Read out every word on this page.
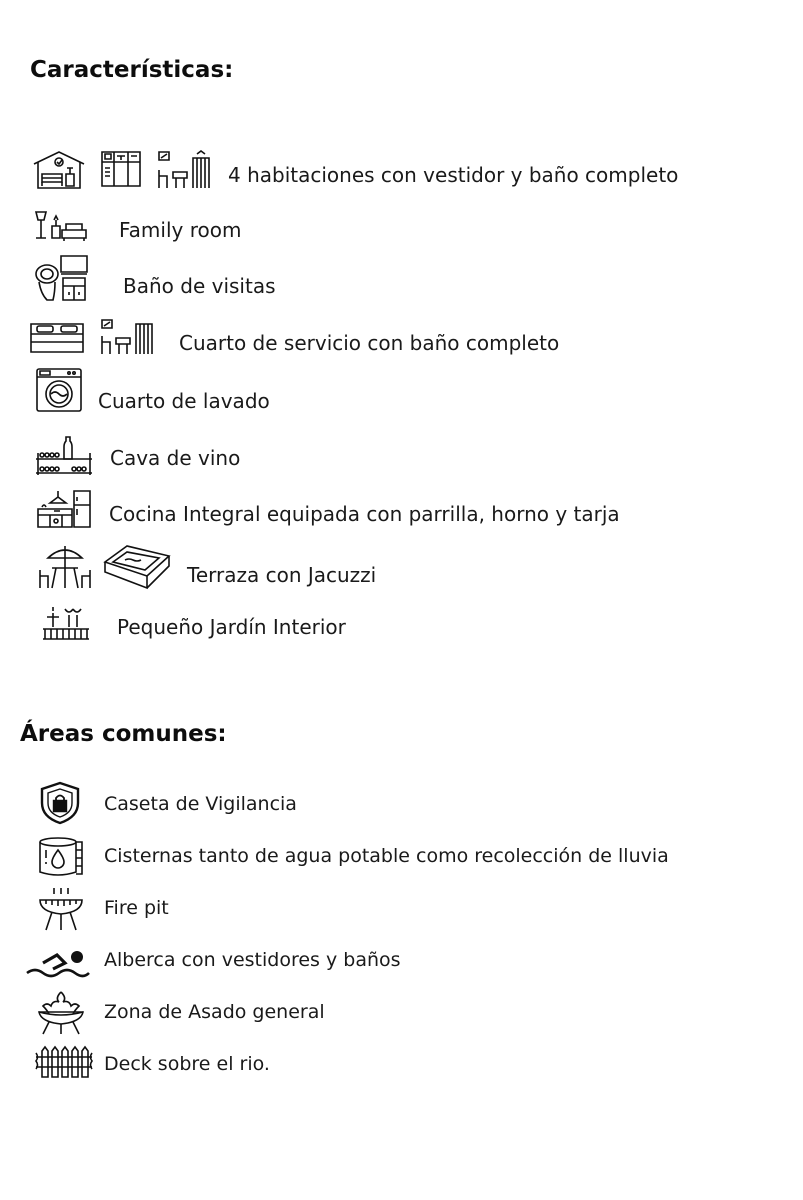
Características:
4 habitaciones con vestidor y baño completo
Family room
Baño de visitas
Cuarto de servicio con baño completo
Cuarto de lavado
Cava de vino
Cocina Integral equipada con parrilla, horno y tarja
Terraza con Jacuzzi
Pequeño Jardín Interior
Áreas comunes:
Caseta de Vigilancia
Cisternas tanto de agua potable como recolección de lluvia
Fire pit
Alberca con vestidores y baños
Zona de Asado general
Deck sobre el rio.
